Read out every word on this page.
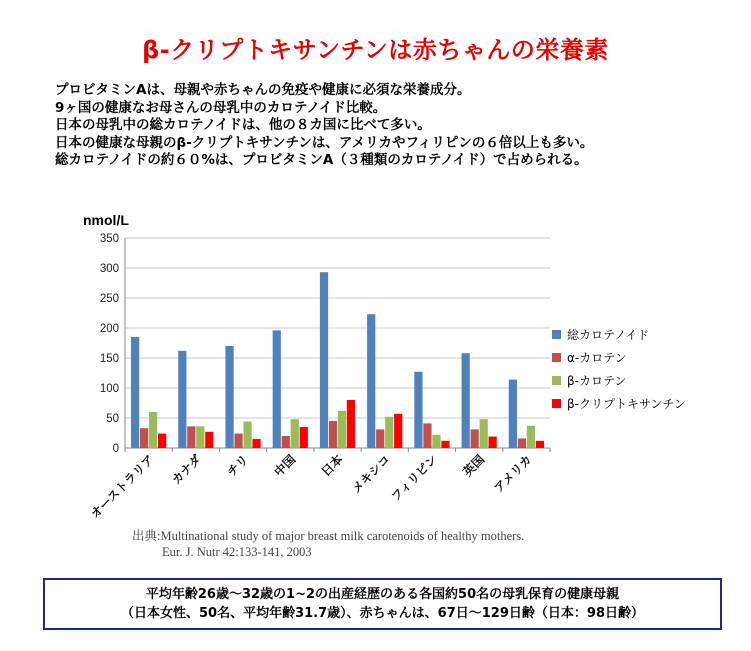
β-クリプトキサンチンは赤ちゃんの栄養素
プロビタミンAは、母親や赤ちゃんの免疫や健康に必須な栄養成分。
9ヶ国の健康なお母さんの母乳中のカロテノイド比較。
日本の母乳中の総カロテノイドは、他の８カ国に比べて多い。
日本の健康な母親のβ-クリプトキサンチンは、アメリカやフィリピンの６倍以上も多い。
総カロテノイドの約６０%は、プロビタミンA（３種類のカロテノイド）で占められる。
nmol/L
0
50
100
150
200
250
300
350
オーストラリア カナダ チリ 中国 日本 メキシコ
フィリピン 英国 アメリカ
総カロテノイド
α-カロテン
β-カロテン
β-クリプトキサンチン
出典:Multinational study of major breast milk carotenoids of healthy mothers.
Eur. J. Nutr 42:133-141, 2003
平均年齢26歳～32歳の1~2の出産経歴のある各国約50名の母乳保育の健康母親
（日本女性、50名、平均年齢31.7歳）、赤ちゃんは、67日～129日齢（日本：98日齢）
